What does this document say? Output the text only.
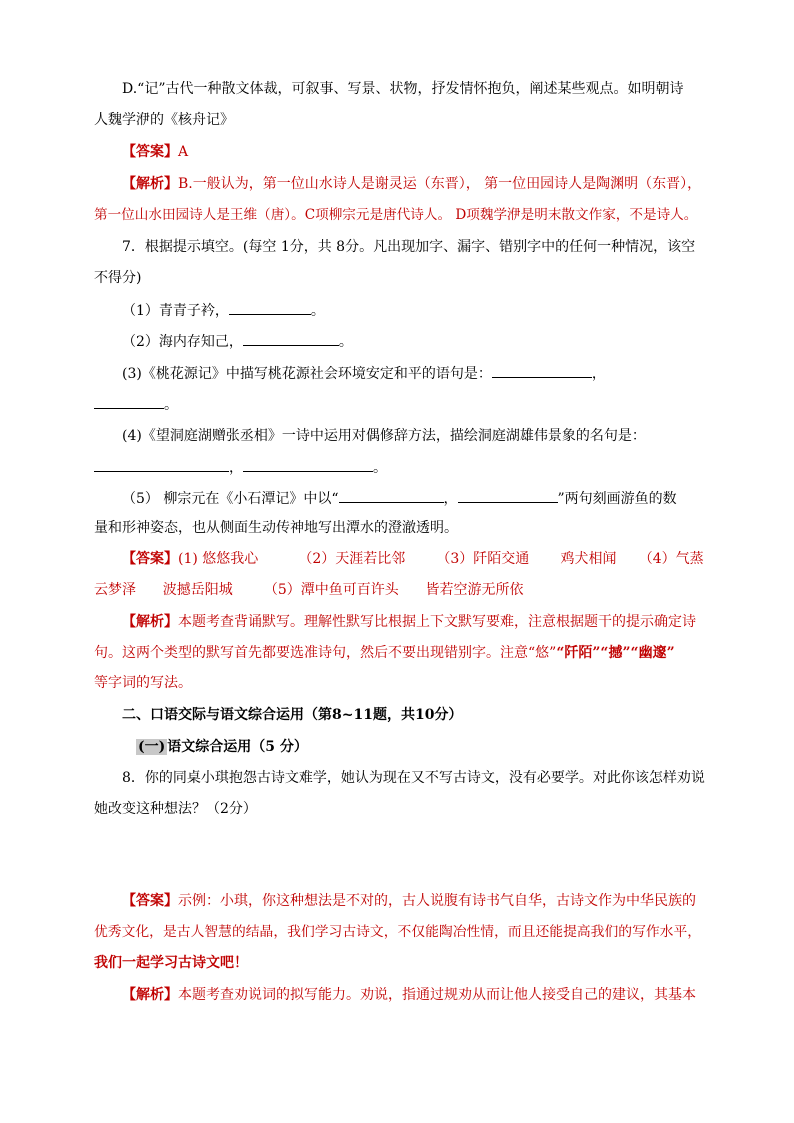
D.“记”古代一种散文体裁，可叙事、写景、状物，抒发情怀抱负，阐述某些观点。如明朝诗
人魏学洢的《核舟记》
【答案】A
【解析】B.一般认为，第一位山水诗人是谢灵运（东晋）， 第一位田园诗人是陶渊明（东晋），
第一位山水田园诗人是王维（唐）。C项柳宗元是唐代诗人。 D项魏学洢是明末散文作家，不是诗人。
7．根据提示填空。(每空 1分，共 8分。凡出现加字、漏字、错别字中的任何一种情况，该空
不得分)
（1）青青子衿，	。
（2）海内存知己，	。
(3)《桃花源记》中描写桃花源社会环境安定和平的语句是：	，
。
(4)《望洞庭湖赠张丞相》一诗中运用对偶修辞方法，描绘洞庭湖雄伟景象的名句是：
，	。
（5） 柳宗元在《小石潭记》中以“	，	”两句刻画游鱼的数
量和形神姿态，也从侧面生动传神地写出潭水的澄澈透明。
【答案】(1) 悠悠我心         （2）天涯若比邻       （3）阡陌交通       鸡犬相闻     （4）气蒸
云梦泽      波撼岳阳城       （5）潭中鱼可百许头      皆若空游无所依
【解析】本题考查背诵默写。理解性默写比根据上下文默写要难，注意根据题干的提示确定诗
句。这两个类型的默写首先都要选准诗句，然后不要出现错别字。注意“悠”“阡陌”“撼”“幽邃”
等字词的写法。
二、口语交际与语文综合运用（第8~11题，共10分）
(一) 语文综合运用（5 分）
8．你的同桌小琪抱怨古诗文难学，她认为现在又不写古诗文，没有必要学。对此你该怎样劝说
她改变这种想法？（2分）
【答案】示例：小琪，你这种想法是不对的，古人说腹有诗书气自华，古诗文作为中华民族的
优秀文化，是古人智慧的结晶，我们学习古诗文，不仅能陶冶性情，而且还能提高我们的写作水平，
我们一起学习古诗文吧！
【解析】本题考查劝说词的拟写能力。劝说，指通过规劝从而让他人接受自己的建议，其基本
